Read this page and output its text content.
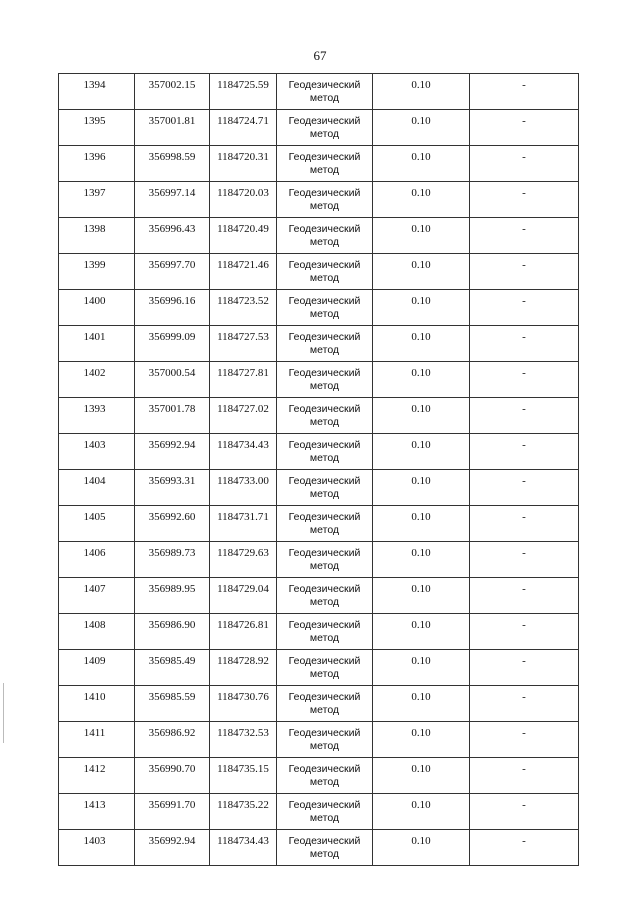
67
1394	357002.15	1184725.59	Геодезический
метод	0.10	-

1395	357001.81	1184724.71	Геодезический
метод	0.10	-

1396	356998.59	1184720.31	Геодезический
метод	0.10	-

1397	356997.14	1184720.03	Геодезический
метод	0.10	-

1398	356996.43	1184720.49	Геодезический
метод	0.10	-

1399	356997.70	1184721.46	Геодезический
метод	0.10	-

1400	356996.16	1184723.52	Геодезический
метод	0.10	-

1401	356999.09	1184727.53	Геодезический
метод	0.10	-

1402	357000.54	1184727.81	Геодезический
метод	0.10	-

1393	357001.78	1184727.02	Геодезический
метод	0.10	-

1403	356992.94	1184734.43	Геодезический
метод	0.10	-

1404	356993.31	1184733.00	Геодезический
метод	0.10	-

1405	356992.60	1184731.71	Геодезический
метод	0.10	-

1406	356989.73	1184729.63	Геодезический
метод	0.10	-

1407	356989.95	1184729.04	Геодезический
метод	0.10	-

1408	356986.90	1184726.81	Геодезический
метод	0.10	-

1409	356985.49	1184728.92	Геодезический
метод	0.10	-

1410	356985.59	1184730.76	Геодезический
метод	0.10	-

1411	356986.92	1184732.53	Геодезический
метод	0.10	-

1412	356990.70	1184735.15	Геодезический
метод	0.10	-

1413	356991.70	1184735.22	Геодезический
метод	0.10	-

1403	356992.94	1184734.43	Геодезический
метод	0.10	-
